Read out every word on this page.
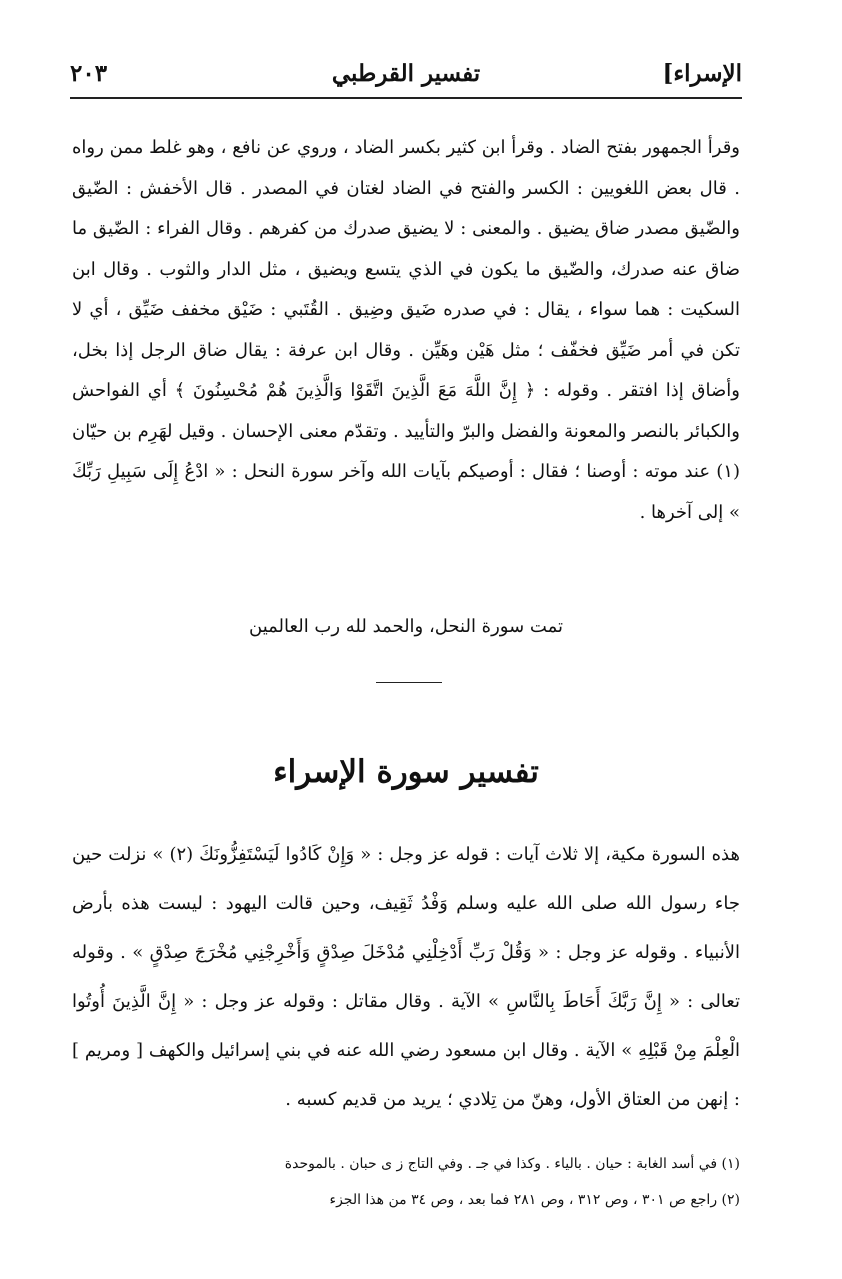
٢٠٣	تفسير القرطبي	الإسراء]

وقرأ الجمهور بفتح الضاد . وقرأ ابن كثير بكسر الضاد ، وروي عن نافع ، وهو غلط ممن رواه . قال بعض اللغويين : الكسر والفتح في الضاد لغتان في المصدر . قال الأخفش : الضّيق والضّيق مصدر ضاق يضيق . والمعنى : لا يضيق صدرك من كفرهم . وقال الفراء : الضّيق ما ضاق عنه صدرك، والضّيق ما يكون في الذي يتسع ويضيق ، مثل الدار والثوب . وقال ابن السكيت : هما سواء ، يقال : في صدره ضَيق وضِيق . القُتَبي : ضَيْق مخفف ضَيِّق ، أي لا تكن في أمر ضَيِّق فخفّف ؛ مثل هَيْن وهَيِّن . وقال ابن عرفة : يقال ضاق الرجل إذا بخل، وأضاق إذا افتقر . وقوله : ﴿ إِنَّ اللَّهَ مَعَ الَّذِينَ اتَّقَوْا وَالَّذِينَ هُمْ مُحْسِنُونَ ﴾ أي الفواحش والكبائر بالنصر والمعونة والفضل والبرّ والتأييد . وتقدّم معنى الإحسان . وقيل لهَرِم بن حيّان (١) عند موته : أوصنا ؛ فقال : أوصيكم بآيات الله وآخر سورة النحل : « ادْعُ إِلَى سَبِيلِ رَبِّكَ » إلى آخرها .

تمت سورة النحل، والحمد لله رب العالمين
تفسير سورة الإسراء

هذه السورة مكية، إلا ثلاث آيات : قوله عز وجل : « وَإِنْ كَادُوا لَيَسْتَفِزُّونَكَ (٢) » نزلت حين جاء رسول الله صلى الله عليه وسلم وَفْدُ ثَقِيف، وحين قالت اليهود : ليست هذه بأرض الأنبياء . وقوله عز وجل : « وَقُلْ رَبِّ أَدْخِلْنِي مُدْخَلَ صِدْقٍ وَأَخْرِجْنِي مُخْرَجَ صِدْقٍ » . وقوله تعالى : « إِنَّ رَبَّكَ أَحَاطَ بِالنَّاسِ » الآية . وقال مقاتل : وقوله عز وجل : « إِنَّ الَّذِينَ أُوتُوا الْعِلْمَ مِنْ قَبْلِهِ » الآية . وقال ابن مسعود رضي الله عنه في بني إسرائيل والكهف [ ومريم ] : إنهن من العتاق الأول، وهنّ من تِلادي ؛ يريد من قديم كسبه .

(١) في أسد الغابة : حيان . بالياء . وكذا في جـ . وفي التاج ز ى حبان . بالموحدة

(٢) راجع ص ٣٠١ ، وص ٣١٢ ، وص ٢٨١ فما بعد ، وص ٣٤ من هذا الجزء
